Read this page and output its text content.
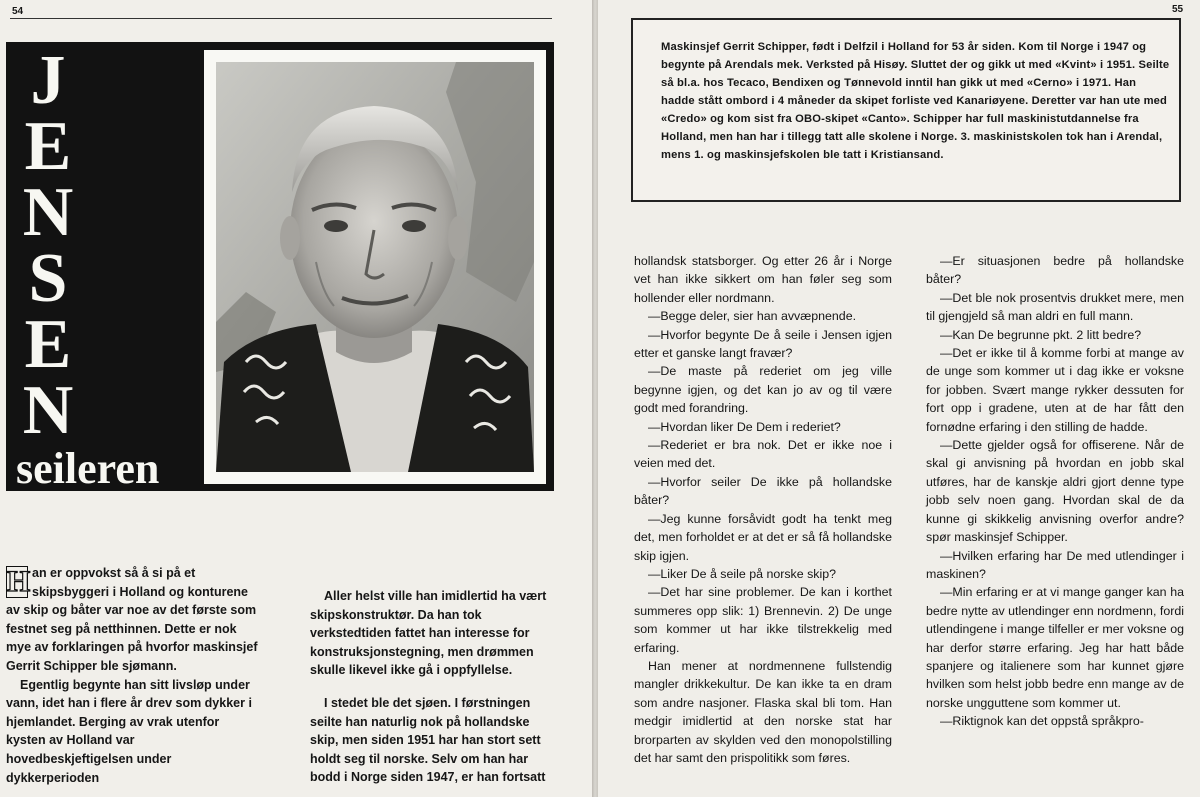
54
J
E
N
S
E
N
seileren

H an er oppvokst så å si på et skipsbyggeri i Holland og konturene av skip og båter var noe av det første som festnet seg på netthinnen. Dette er nok mye av forklaringen på hvorfor maskinsjef Gerrit Schipper ble sjømann.

Egentlig begynte han sitt livsløp under vann, idet han i flere år drev som dykker i hjemlandet. Berging av vrak utenfor kysten av Holland var hovedbeskjeftigelsen under dykkerperioden

Aller helst ville han imidlertid ha vært skipskonstruktør. Da han tok verkstedtiden fattet han interesse for konstruksjonstegning, men drømmen skulle likevel ikke gå i oppfyllelse.

I stedet ble det sjøen. I førstningen seilte han naturlig nok på hollandske skip, men siden 1951 har han stort sett holdt seg til norske. Selv om han har bodd i Norge siden 1947, er han fortsatt

55
Maskinsjef Gerrit Schipper, født i Delfzil i Holland for 53 år siden. Kom til Norge i 1947 og begynte på Arendals mek. Verksted på Hisøy. Sluttet der og gikk ut med «Kvint» i 1951. Seilte så bl.a. hos Tecaco, Bendixen og Tønnevold inntil han gikk ut med «Cerno» i 1971. Han hadde stått ombord i 4 måneder da skipet forliste ved Kanariøyene. Deretter var han ute med «Credo» og kom sist fra OBO-skipet «Canto». Schipper har full maskinistutdannelse fra Holland, men han har i tillegg tatt alle skolene i Norge. 3. maskinistskolen tok han i Arendal, mens 1. og maskinsjefskolen ble tatt i Kristiansand.

hollandsk statsborger. Og etter 26 år i Norge vet han ikke sikkert om han føler seg som hollender eller nordmann.

—Begge deler, sier han avvæpnende.

—Hvorfor begynte De å seile i Jensen igjen etter et ganske langt fravær?

—De maste på rederiet om jeg ville begynne igjen, og det kan jo av og til være godt med forandring.

—Hvordan liker De Dem i rederiet?

—Rederiet er bra nok. Det er ikke noe i veien med det.

—Hvorfor seiler De ikke på hollandske båter?

—Jeg kunne forsåvidt godt ha tenkt meg det, men forholdet er at det er så få hollandske skip igjen.

—Liker De å seile på norske skip?

—Det har sine problemer. De kan i korthet summeres opp slik: 1) Brennevin. 2) De unge som kommer ut har ikke tilstrekkelig med erfaring.

Han mener at nordmennene fullstendig mangler drikkekultur. De kan ikke ta en dram som andre nasjoner. Flaska skal bli tom. Han medgir imidlertid at den norske stat har brorparten av skylden ved den monopolstilling det har samt den prispolitikk som føres.

—Er situasjonen bedre på hollandske båter?

—Det ble nok prosentvis drukket mere, men til gjengjeld så man aldri en full mann.

—Kan De begrunne pkt. 2 litt bedre?

—Det er ikke til å komme forbi at mange av de unge som kommer ut i dag ikke er voksne for jobben. Svært mange rykker dessuten for fort opp i gradene, uten at de har fått den fornødne erfaring i den stilling de hadde.

—Dette gjelder også for offiserene. Når de skal gi anvisning på hvordan en jobb skal utføres, har de kanskje aldri gjort denne type jobb selv noen gang. Hvordan skal de da kunne gi skikkelig anvisning overfor andre? spør maskinsjef Schipper.

—Hvilken erfaring har De med utlendinger i maskinen?

—Min erfaring er at vi mange ganger kan ha bedre nytte av utlendinger enn nordmenn, fordi utlendingene i mange tilfeller er mer voksne og har derfor større erfaring. Jeg har hatt både spanjere og italienere som har kunnet gjøre hvilken som helst jobb bedre enn mange av de norske ungguttene som kommer ut.

—Riktignok kan det oppstå språkpro-
